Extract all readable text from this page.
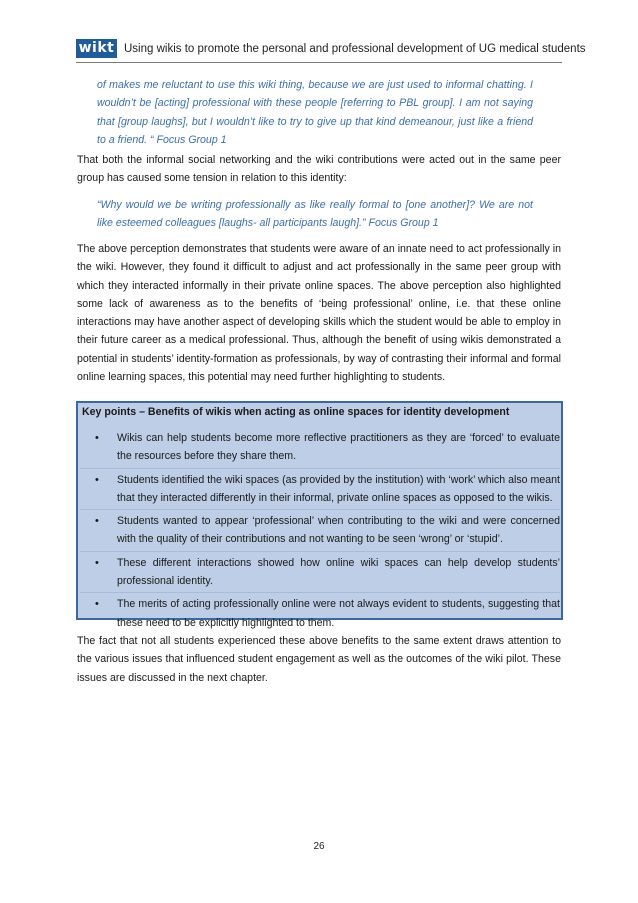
wikt Using wikis to promote the personal and professional development of UG medical students

of makes me reluctant to use this wiki thing, because we are just used to informal chatting. I wouldn’t be [acting] professional with these people [referring to PBL group]. I am not saying that [group laughs], but I wouldn’t like to try to give up that kind demeanour, just like a friend to a friend. “ Focus Group 1

That both the informal social networking and the wiki contributions were acted out in the same peer group has caused some tension in relation to this identity:

“Why would we be writing professionally as like really formal to [one another]? We are not like esteemed colleagues [laughs- all participants laugh].” Focus Group 1

The above perception demonstrates that students were aware of an innate need to act professionally in the wiki. However, they found it difficult to adjust and act professionally in the same peer group with which they interacted informally in their private online spaces. The above perception also highlighted some lack of awareness as to the benefits of ‘being professional’ online, i.e. that these online interactions may have another aspect of developing skills which the student would be able to employ in their future career as a medical professional. Thus, although the benefit of using wikis demonstrated a potential in students’ identity-formation as professionals, by way of contrasting their informal and formal online learning spaces, this potential may need further highlighting to students.

Key points – Benefits of wikis when acting as online spaces for identity development
• Wikis can help students become more reflective practitioners as they are ‘forced’ to evaluate the resources before they share them.
• Students identified the wiki spaces (as provided by the institution) with ‘work’ which also meant that they interacted differently in their informal, private online spaces as opposed to the wikis.
• Students wanted to appear ‘professional’ when contributing to the wiki and were concerned with the quality of their contributions and not wanting to be seen ‘wrong’ or ‘stupid’.
• These different interactions showed how online wiki spaces can help develop students’ professional identity.
• The merits of acting professionally online were not always evident to students, suggesting that these need to be explicitly highlighted to them.

The fact that not all students experienced these above benefits to the same extent draws attention to the various issues that influenced student engagement as well as the outcomes of the wiki pilot. These issues are discussed in the next chapter.

26
